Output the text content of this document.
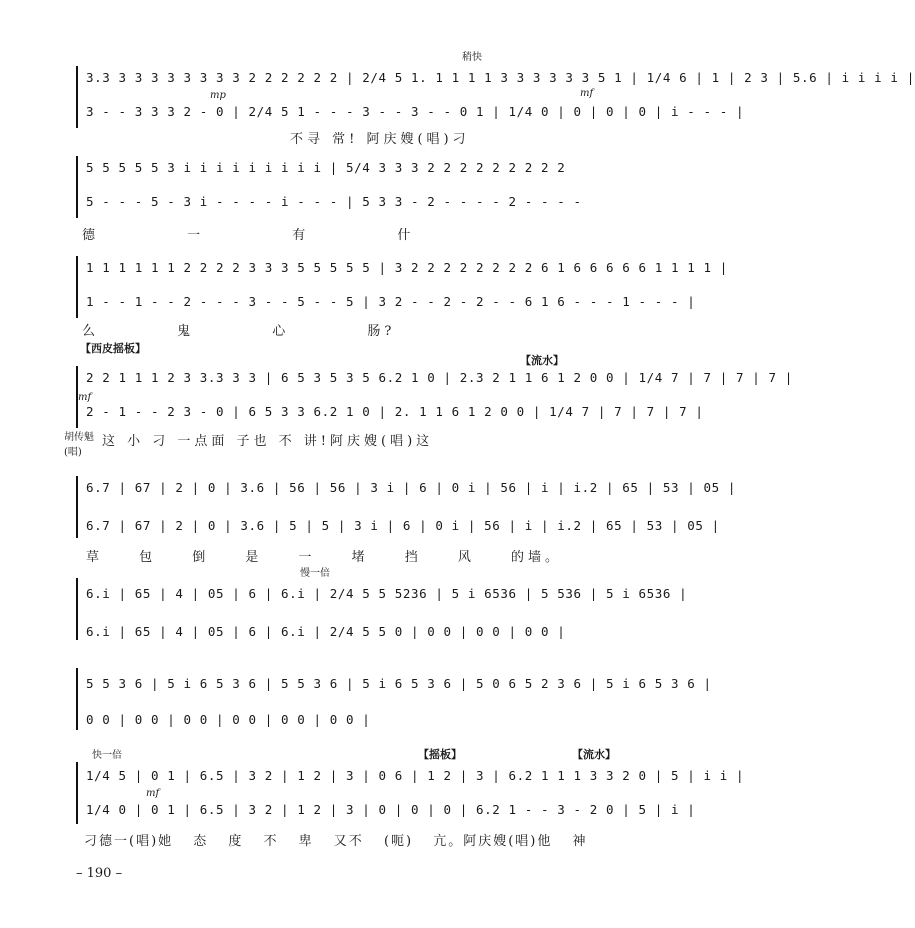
稍快
3.3 3 3 3 3 3 3 3 3 2 2 2 2 2 2 | 2/4 5 1. 1 1 1 1 3 3 3 3 3 3 5 1 | 1/4 6 | 1 | 2 3 | 5.6 | i i i i |
mp	mf
3 - - 3 3 3 2 - 0 | 2/4 5 1 - - - 3 - - 3 - - 0 1 | 1/4 0 | 0 | 0 | 0 | i - - - |
不寻 常! 阿庆嫂(唱)刁
5 5 5 5 5 3 i i i i i i i i i | 5/4 3 3 3 2 2 2 2 2 2 2 2 2
5 - - - 5 - 3 i - - - - i - - - | 5 3 3 - 2 - - - - 2 - - - -
德 一 有 什
1 1 1 1 1 1 2 2 2 2 3 3 3 5 5 5 5 5 | 3 2 2 2 2 2 2 2 2 6 1 6 6 6 6 6 1 1 1 1 |
1 - - 1 - - 2 - - - 3 - - 5 - - 5 | 3 2 - - 2 - 2 - - 6 1 6 - - - 1 - - - |
么 鬼 心 肠?
【西皮摇板】
【流水】
2 2 1 1 1 2 3 3.3 3 3 | 6 5 3 5 3 5 6.2 1 0 | 2.3 2 1 1 6 1 2 0 0 | 1/4 7 | 7 | 7 | 7 |
mf
2 - 1 - - 2 3 - 0 | 6 5 3 3 6.2 1 0 | 2. 1 1 6 1 2 0 0 | 1/4 7 | 7 | 7 | 7 |
胡传魁(唱)
这 小 刁 一点面 子也 不 讲!阿庆嫂(唱)这
6.7 | 67 | 2 | 0 | 3.6 | 56 | 56 | 3 i | 6 | 0 i | 56 | i | i.2 | 65 | 53 | 05 |
6.7 | 67 | 2 | 0 | 3.6 | 5 | 5 | 3 i | 6 | 0 i | 56 | i | i.2 | 65 | 53 | 05 |
草 包 倒 是 一 堵 挡 风 的墙。
慢一倍
6.i | 65 | 4 | 05 | 6 | 6.i | 2/4 5 5 5236 | 5 i 6536 | 5 536 | 5 i 6536 |
6.i | 65 | 4 | 05 | 6 | 6.i | 2/4 5 5 0 | 0 0 | 0 0 | 0 0 |
5 5 3 6 | 5 i 6 5 3 6 | 5 5 3 6 | 5 i 6 5 3 6 | 5 0 6 5 2 3 6 | 5 i 6 5 3 6 |
0 0 | 0 0 | 0 0 | 0 0 | 0 0 | 0 0 |
快一倍	【摇板】	【流水】
1/4 5 | 0 1 | 6.5 | 3 2 | 1 2 | 3 | 0 6 | 1 2 | 3 | 6.2 1 1 1 3 3 2 0 | 5 | i i |
mf
1/4 0 | 0 1 | 6.5 | 3 2 | 1 2 | 3 | 0 | 0 | 0 | 6.2 1 - - 3 - 2 0 | 5 | i |
刁德一(唱)她 态 度 不 卑 又不 (呃) 亢。阿庆嫂(唱)他 神
– 190 –
